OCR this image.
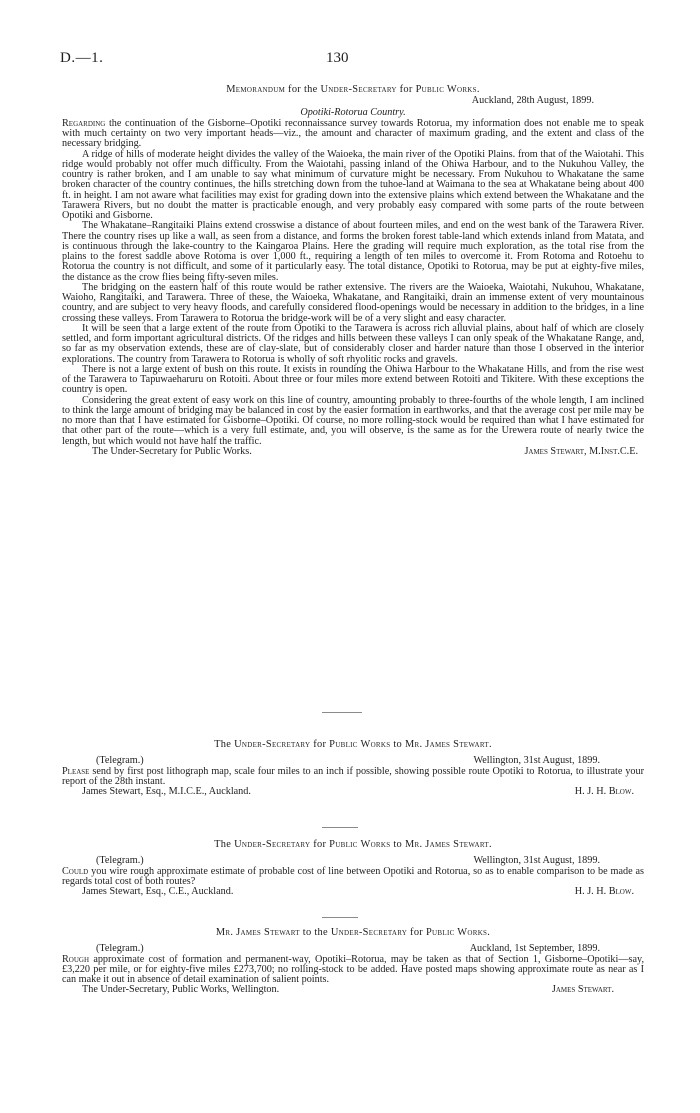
D.—1.	130
Memorandum for the Under-Secretary for Public Works.
Auckland, 28th August, 1899.
Opotiki-Rotorua Country.

Regarding the continuation of the Gisborne–Opotiki reconnaissance survey towards Rotorua, my information does not enable me to speak with much certainty on two very important heads—viz., the amount and character of maximum grading, and the extent and class of the necessary bridging.

A ridge of hills of moderate height divides the valley of the Waioeka, the main river of the Opotiki Plains. from that of the Waiotahi. This ridge would probably not offer much difficulty. From the Waiotahi, passing inland of the Ohiwa Harbour, and to the Nukuhou Valley, the country is rather broken, and I am unable to say what minimum of curvature might be necessary. From Nukuhou to Whakatane the same broken character of the country continues, the hills stretching down from the tuhoe-land at Waimana to the sea at Whakatane being about 400 ft. in height. I am not aware what facilities may exist for grading down into the extensive plains which extend between the Whakatane and the Tarawera Rivers, but no doubt the matter is practicable enough, and very probably easy compared with some parts of the route between Opotiki and Gisborne.

The Whakatane–Rangitaiki Plains extend crosswise a distance of about fourteen miles, and end on the west bank of the Tarawera River. There the country rises up like a wall, as seen from a distance, and forms the broken forest table-land which extends inland from Matata, and is continuous through the lake-country to the Kaingaroa Plains. Here the grading will require much exploration, as the total rise from the plains to the forest saddle above Rotoma is over 1,000 ft., requiring a length of ten miles to overcome it. From Rotoma and Rotoehu to Rotorua the country is not difficult, and some of it particularly easy. The total distance, Opotiki to Rotorua, may be put at eighty-five miles, the distance as the crow flies being fifty-seven miles.

The bridging on the eastern half of this route would be rather extensive. The rivers are the Waioeka, Waiotahi, Nukuhou, Whakatane, Waioho, Rangitaiki, and Tarawera. Three of these, the Waioeka, Whakatane, and Rangitaiki, drain an immense extent of very mountainous country, and are subject to very heavy floods, and carefully considered flood-openings would be necessary in addition to the bridges, in a line crossing these valleys. From Tarawera to Rotorua the bridge-work will be of a very slight and easy character.

It will be seen that a large extent of the route from Opotiki to the Tarawera is across rich alluvial plains, about half of which are closely settled, and form important agricultural districts. Of the ridges and hills between these valleys I can only speak of the Whakatane Range, and, so far as my observation extends, these are of clay-slate, but of considerably closer and harder nature than those I observed in the interior explorations. The country from Tarawera to Rotorua is wholly of soft rhyolitic rocks and gravels.

There is not a large extent of bush on this route. It exists in rounding the Ohiwa Harbour to the Whakatane Hills, and from the rise west of the Tarawera to Tapuwaeharuru on Rotoiti. About three or four miles more extend between Rotoiti and Tikitere. With these exceptions the country is open.

Considering the great extent of easy work on this line of country, amounting probably to three-fourths of the whole length, I am inclined to think the large amount of bridging may be balanced in cost by the easier formation in earthworks, and that the average cost per mile may be no more than that I have estimated for Gisborne–Opotiki. Of course, no more rolling-stock would be required than what I have estimated for that other part of the route—which is a very full estimate, and, you will observe, is the same as for the Urewera route of nearly twice the length, but which would not have half the traffic.

The Under-Secretary for Public Works.	James Stewart, M.Inst.C.E.
The Under-Secretary for Public Works to Mr. James Stewart.
(Telegram.)	Wellington, 31st August, 1899.

Please send by first post lithograph map, scale four miles to an inch if possible, showing possible route Opotiki to Rotorua, to illustrate your report of the 28th instant.

James Stewart, Esq., M.I.C.E., Auckland.	H. J. H. Blow.
The Under-Secretary for Public Works to Mr. James Stewart.
(Telegram.)	Wellington, 31st August, 1899.

Could you wire rough approximate estimate of probable cost of line between Opotiki and Rotorua, so as to enable comparison to be made as regards total cost of both routes?

James Stewart, Esq., C.E., Auckland.	H. J. H. Blow.
Mr. James Stewart to the Under-Secretary for Public Works.
(Telegram.)	Auckland, 1st September, 1899.

Rough approximate cost of formation and permanent-way, Opotiki–Rotorua, may be taken as that of Section 1, Gisborne–Opotiki—say, £3,220 per mile, or for eighty-five miles £273,700; no rolling-stock to be added. Have posted maps showing approximate route as near as I can make it out in absence of detail examination of salient points.

The Under-Secretary, Public Works, Wellington.	James Stewart.
